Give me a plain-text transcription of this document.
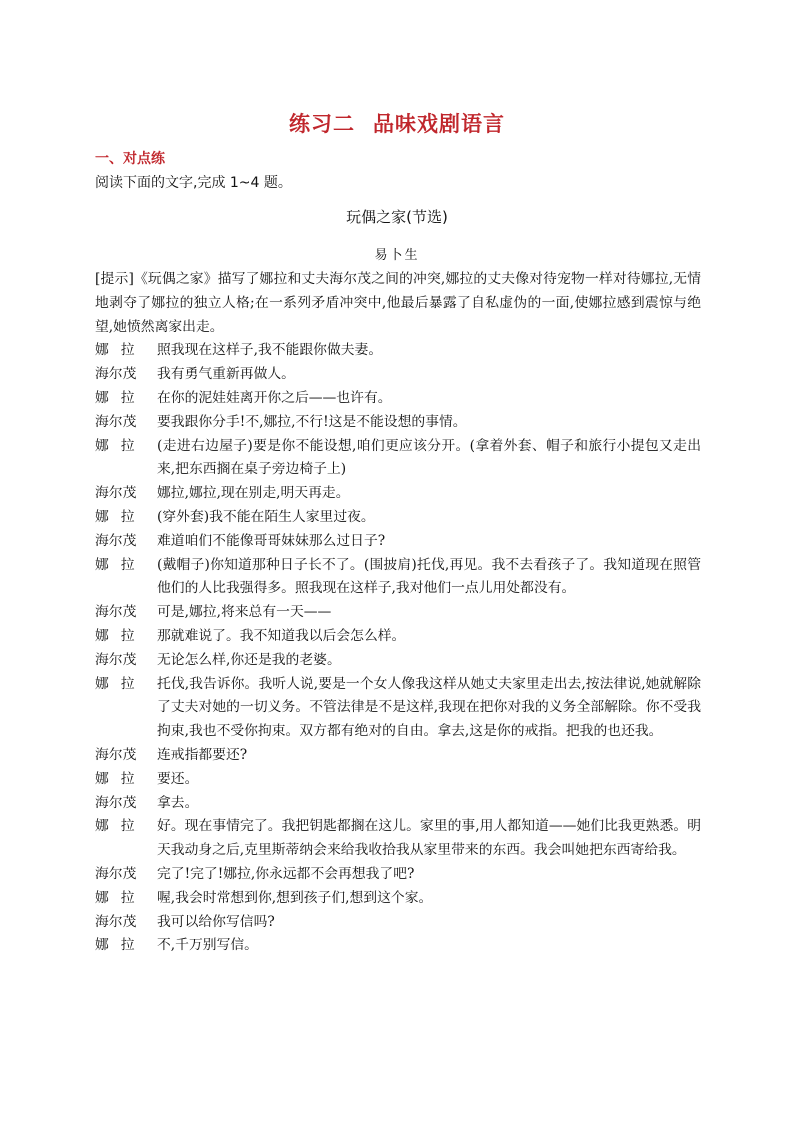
练习二 品味戏剧语言
一、对点练
阅读下面的文字,完成 1~4 题。
玩偶之家(节选)
易卜生
[提示]《玩偶之家》描写了娜拉和丈夫海尔茂之间的冲突,娜拉的丈夫像对待宠物一样对待娜拉,无情地剥夺了娜拉的独立人格;在一系列矛盾冲突中,他最后暴露了自私虚伪的一面,使娜拉感到震惊与绝望,她愤然离家出走。
娜拉 照我现在这样子,我不能跟你做夫妻。
海尔茂	我有勇气重新再做人。
娜拉 在你的泥娃娃离开你之后——也许有。
海尔茂	要我跟你分手!不,娜拉,不行!这是不能设想的事情。
娜拉 (走进右边屋子)要是你不能设想,咱们更应该分开。(拿着外套、帽子和旅行小提包又走出来,把东西搁在桌子旁边椅子上)
海尔茂	娜拉,娜拉,现在别走,明天再走。
娜拉 (穿外套)我不能在陌生人家里过夜。
海尔茂	难道咱们不能像哥哥妹妹那么过日子?
娜拉 (戴帽子)你知道那种日子长不了。(围披肩)托伐,再见。我不去看孩子了。我知道现在照管他们的人比我强得多。照我现在这样子,我对他们一点儿用处都没有。
海尔茂	可是,娜拉,将来总有一天——
娜拉 那就难说了。我不知道我以后会怎么样。
海尔茂	无论怎么样,你还是我的老婆。
娜拉 托伐,我告诉你。我听人说,要是一个女人像我这样从她丈夫家里走出去,按法律说,她就解除了丈夫对她的一切义务。不管法律是不是这样,我现在把你对我的义务全部解除。你不受我拘束,我也不受你拘束。双方都有绝对的自由。拿去,这是你的戒指。把我的也还我。
海尔茂	连戒指都要还?
娜拉 要还。
海尔茂	拿去。
娜拉 好。现在事情完了。我把钥匙都搁在这儿。家里的事,用人都知道——她们比我更熟悉。明天我动身之后,克里斯蒂纳会来给我收拾我从家里带来的东西。我会叫她把东西寄给我。
海尔茂	完了!完了!娜拉,你永远都不会再想我了吧?
娜拉 喔,我会时常想到你,想到孩子们,想到这个家。
海尔茂	我可以给你写信吗?
娜拉 不,千万别写信。
